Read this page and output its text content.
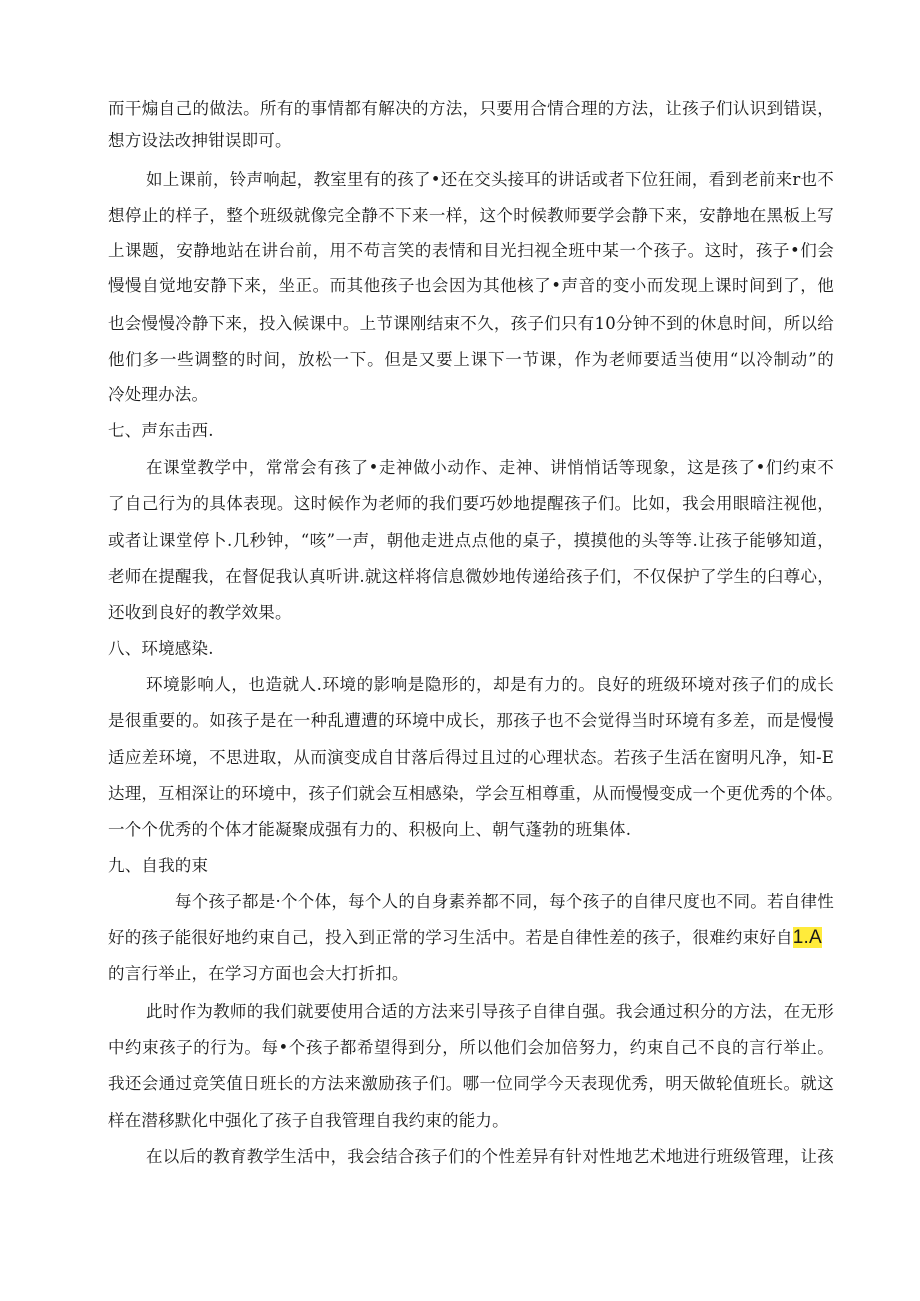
而干煽自己的做法。所有的事情都有解决的方法，只要用合情合理的方法，让孩子们认识到错误，
想方设法改抻钳误即可。
如上课前，铃声响起，教室里有的孩了•还在交头接耳的讲话或者下位狂闹，看到老前来r也不
想停止的样子，整个班级就像完全静不下来一样，这个时候教师要学会静下来，安静地在黑板上写
上课题，安静地站在讲台前，用不苟言笑的表情和目光扫视全班中某一个孩子。这时，孩子•们会
慢慢自觉地安静下来，坐正。而其他孩子也会因为其他核了•声音的变小而发现上课时间到了，他
也会慢慢冷静下来，投入候课中。上节课刚结束不久，孩子们只有10分钟不到的休息时间，所以给
他们多一些调整的时间，放松一下。但是又要上课下一节课，作为老师要适当使用“以冷制动”的
冷处理办法。
七、声东击西.
在课堂教学中，常常会有孩了•走神做小动作、走神、讲悄悄话等现象，这是孩了•们约束不
了自己行为的具体表现。这时候作为老师的我们要巧妙地提醒孩子们。比如，我会用眼暗注视他，
或者让课堂停卜.几秒钟，“咳”一声，朝他走进点点他的桌子，摸摸他的头等等.让孩子能够知道，
老师在提醒我，在督促我认真听讲.就这样将信息微妙地传递给孩子们，不仅保护了学生的臼尊心，
还收到良好的教学效果。
八、环境感染.
环境影响人，也造就人.环境的影响是隐形的，却是有力的。良好的班级环境对孩子们的成长
是很重要的。如孩子是在一种乱遭遭的环境中成长，那孩子也不会觉得当时环境有多差，而是慢慢
适应差环境，不思进取，从而演变成自甘落后得过且过的心理状态。若孩子生活在窗明凡净，知-E
达理，互相深让的环境中，孩子们就会互相感染，学会互相尊重，从而慢慢变成一个更优秀的个体。
一个个优秀的个体才能凝聚成强有力的、积极向上、朝气蓬勃的班集体.
九、自我的束
每个孩子都是·个个体，每个人的自身素养都不同，每个孩子的自律尺度也不同。若自律性
好的孩子能很好地约束自己，投入到正常的学习生活中。若是自律性差的孩子，很难约束好自1.A
的言行举止，在学习方面也会大打折扣。
此时作为教师的我们就要使用合适的方法来引导孩子自律自强。我会通过积分的方法，在无形
中约束孩子的行为。每•个孩子都希望得到分，所以他们会加倍努力，约束自己不良的言行举止。
我还会通过竞笑值日班长的方法来激励孩子们。哪一位同学今天表现优秀，明天做轮值班长。就这
样在潜移默化中强化了孩子自我管理自我约束的能力。
在以后的教育教学生活中，我会结合孩子们的个性差异有针对性地艺术地进行班级管理，让孩
